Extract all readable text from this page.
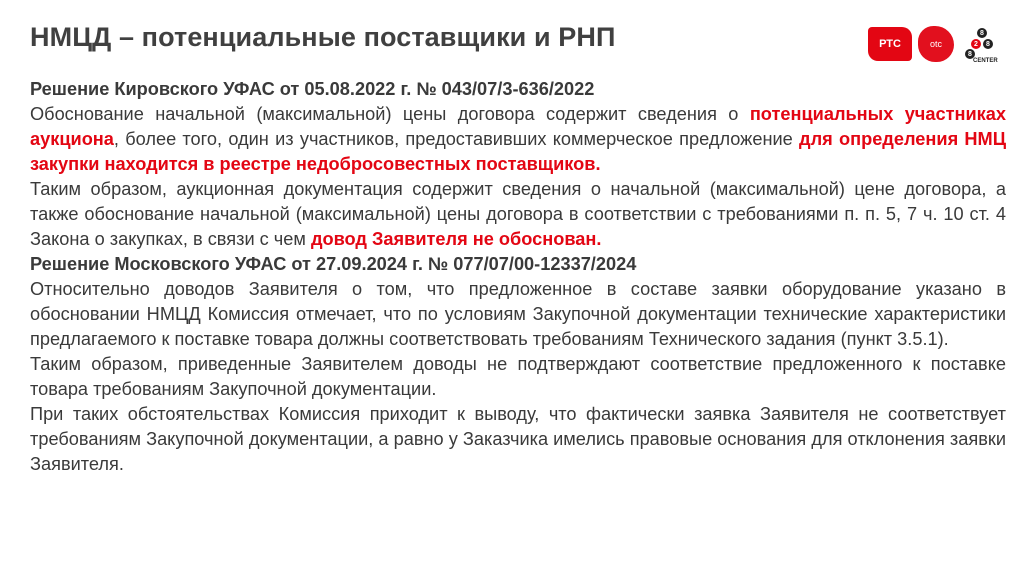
НМЦД – потенциальные поставщики и РНП	РТС	otc
8
2	8
8
CENTER

Решение Кировского УФАС от 05.08.2022 г. № 043/07/3-636/2022

Обоснование начальной (максимальной) цены договора содержит сведения о потенциальных участниках аукциона, более того, один из участников, предоставивших коммерческое предложение для определения НМЦ закупки находится в реестре недобросовестных поставщиков.

Таким образом, аукционная документация содержит сведения о начальной (максимальной) цене договора, а также обоснование начальной (максимальной) цены договора в соответствии с требованиями п. п. 5, 7 ч. 10 ст. 4 Закона о закупках, в связи с чем довод Заявителя не обоснован.

Решение Московского УФАС от 27.09.2024 г. № 077/07/00-12337/2024

Относительно доводов Заявителя о том, что предложенное в составе заявки оборудование указано в обосновании НМЦД Комиссия отмечает, что по условиям Закупочной документации технические характеристики предлагаемого к поставке товара должны соответствовать требованиям Технического задания (пункт 3.5.1).

Таким образом, приведенные Заявителем доводы не подтверждают соответствие предложенного к поставке товара требованиям Закупочной документации.

При таких обстоятельствах Комиссия приходит к выводу, что фактически заявка Заявителя не соответствует требованиям Закупочной документации, а равно у Заказчика имелись правовые основания для отклонения заявки Заявителя.
